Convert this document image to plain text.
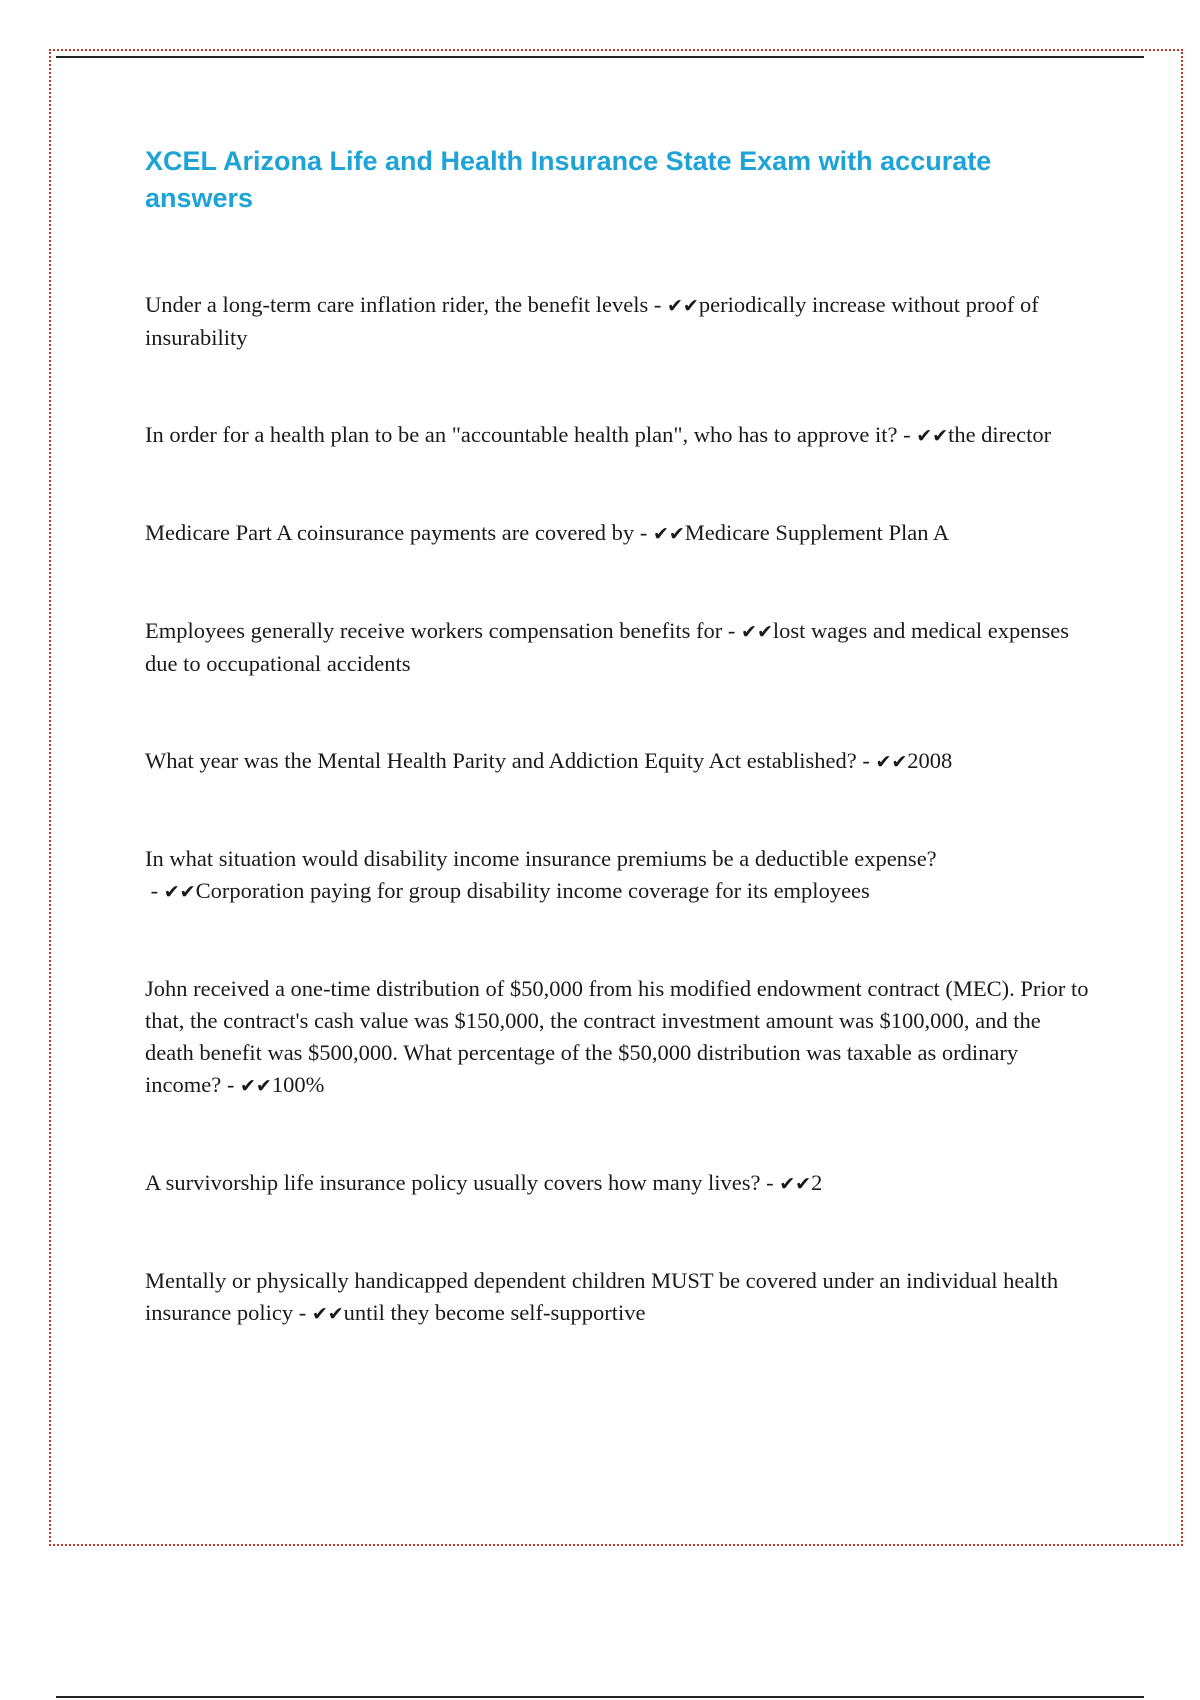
XCEL Arizona Life and Health Insurance State Exam with accurate answers

Under a long-term care inflation rider, the benefit levels - ✔✔periodically increase without proof of insurability

In order for a health plan to be an "accountable health plan", who has to approve it? - ✔✔the director

Medicare Part A coinsurance payments are covered by - ✔✔Medicare Supplement Plan A

Employees generally receive workers compensation benefits for - ✔✔lost wages and medical expenses due to occupational accidents

What year was the Mental Health Parity and Addiction Equity Act established? - ✔✔2008

In what situation would disability income insurance premiums be a deductible expense? - ✔✔Corporation paying for group disability income coverage for its employees

John received a one-time distribution of $50,000 from his modified endowment contract (MEC). Prior to that, the contract's cash value was $150,000, the contract investment amount was $100,000, and the death benefit was $500,000. What percentage of the $50,000 distribution was taxable as ordinary income? - ✔✔100%

A survivorship life insurance policy usually covers how many lives? - ✔✔2

Mentally or physically handicapped dependent children MUST be covered under an individual health insurance policy - ✔✔until they become self-supportive
